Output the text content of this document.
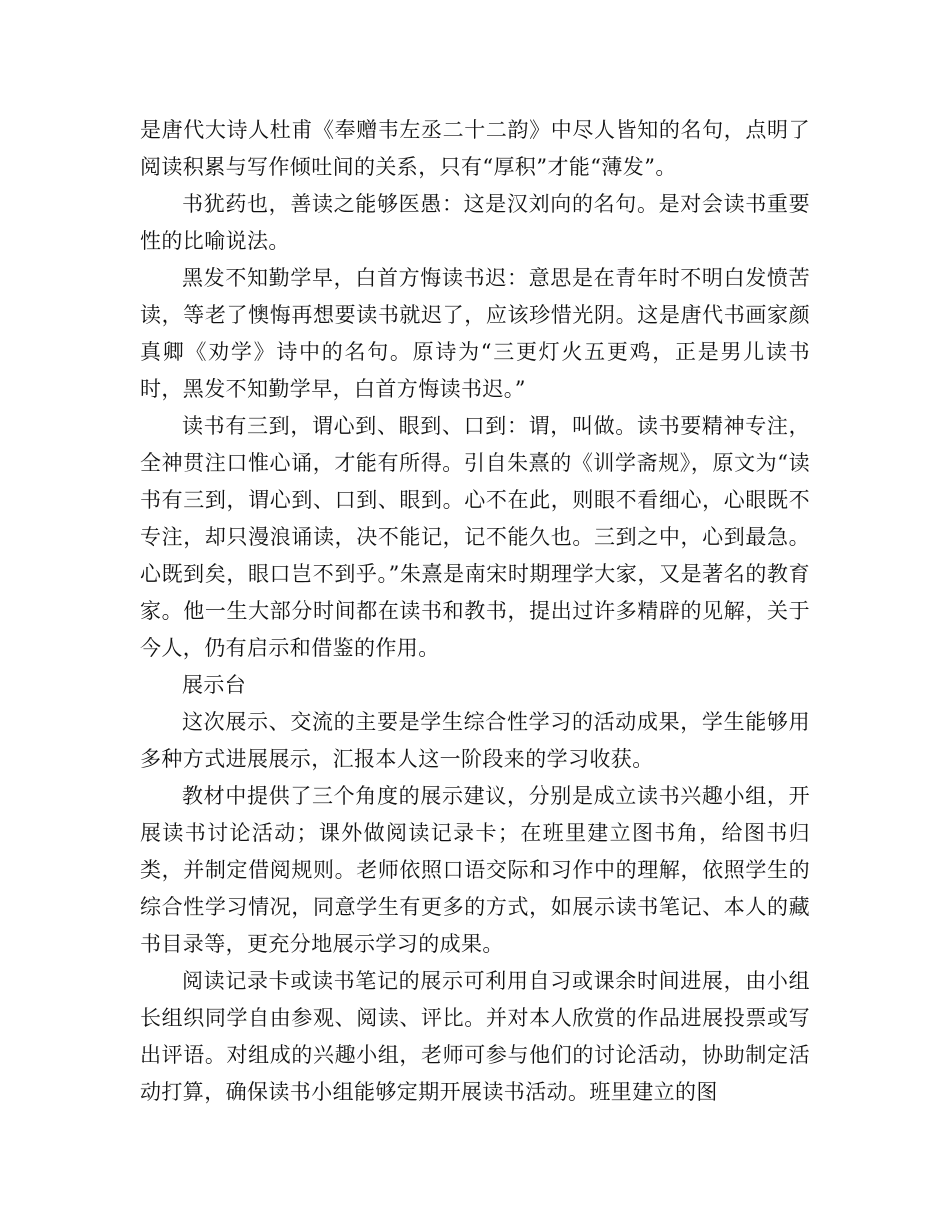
是唐代大诗人杜甫《奉赠韦左丞二十二韵》中尽人皆知的名句，点明了阅读积累与写作倾吐间的关系，只有“厚积”才能“薄发”。

书犹药也，善读之能够医愚：这是汉刘向的名句。是对会读书重要性的比喻说法。

黑发不知勤学早，白首方悔读书迟：意思是在青年时不明白发愤苦读，等老了懊悔再想要读书就迟了，应该珍惜光阴。这是唐代书画家颜真卿《劝学》诗中的名句。原诗为“三更灯火五更鸡，正是男儿读书时，黑发不知勤学早，白首方悔读书迟。”

读书有三到，谓心到、眼到、口到：谓，叫做。读书要精神专注，全神贯注口惟心诵，才能有所得。引自朱熹的《训学斋规》，原文为“读书有三到，谓心到、口到、眼到。心不在此，则眼不看细心，心眼既不专注，却只漫浪诵读，决不能记，记不能久也。三到之中，心到最急。心既到矣，眼口岂不到乎。”朱熹是南宋时期理学大家，又是著名的教育家。他一生大部分时间都在读书和教书，提出过许多精辟的见解，关于今人，仍有启示和借鉴的作用。

展示台

这次展示、交流的主要是学生综合性学习的活动成果，学生能够用多种方式进展展示，汇报本人这一阶段来的学习收获。

教材中提供了三个角度的展示建议，分别是成立读书兴趣小组，开展读书讨论活动；课外做阅读记录卡；在班里建立图书角，给图书归类，并制定借阅规则。老师依照口语交际和习作中的理解，依照学生的综合性学习情况，同意学生有更多的方式，如展示读书笔记、本人的藏书目录等，更充分地展示学习的成果。

阅读记录卡或读书笔记的展示可利用自习或课余时间进展，由小组长组织同学自由参观、阅读、评比。并对本人欣赏的作品进展投票或写出评语。对组成的兴趣小组，老师可参与他们的讨论活动，协助制定活动打算，确保读书小组能够定期开展读书活动。班里建立的图
